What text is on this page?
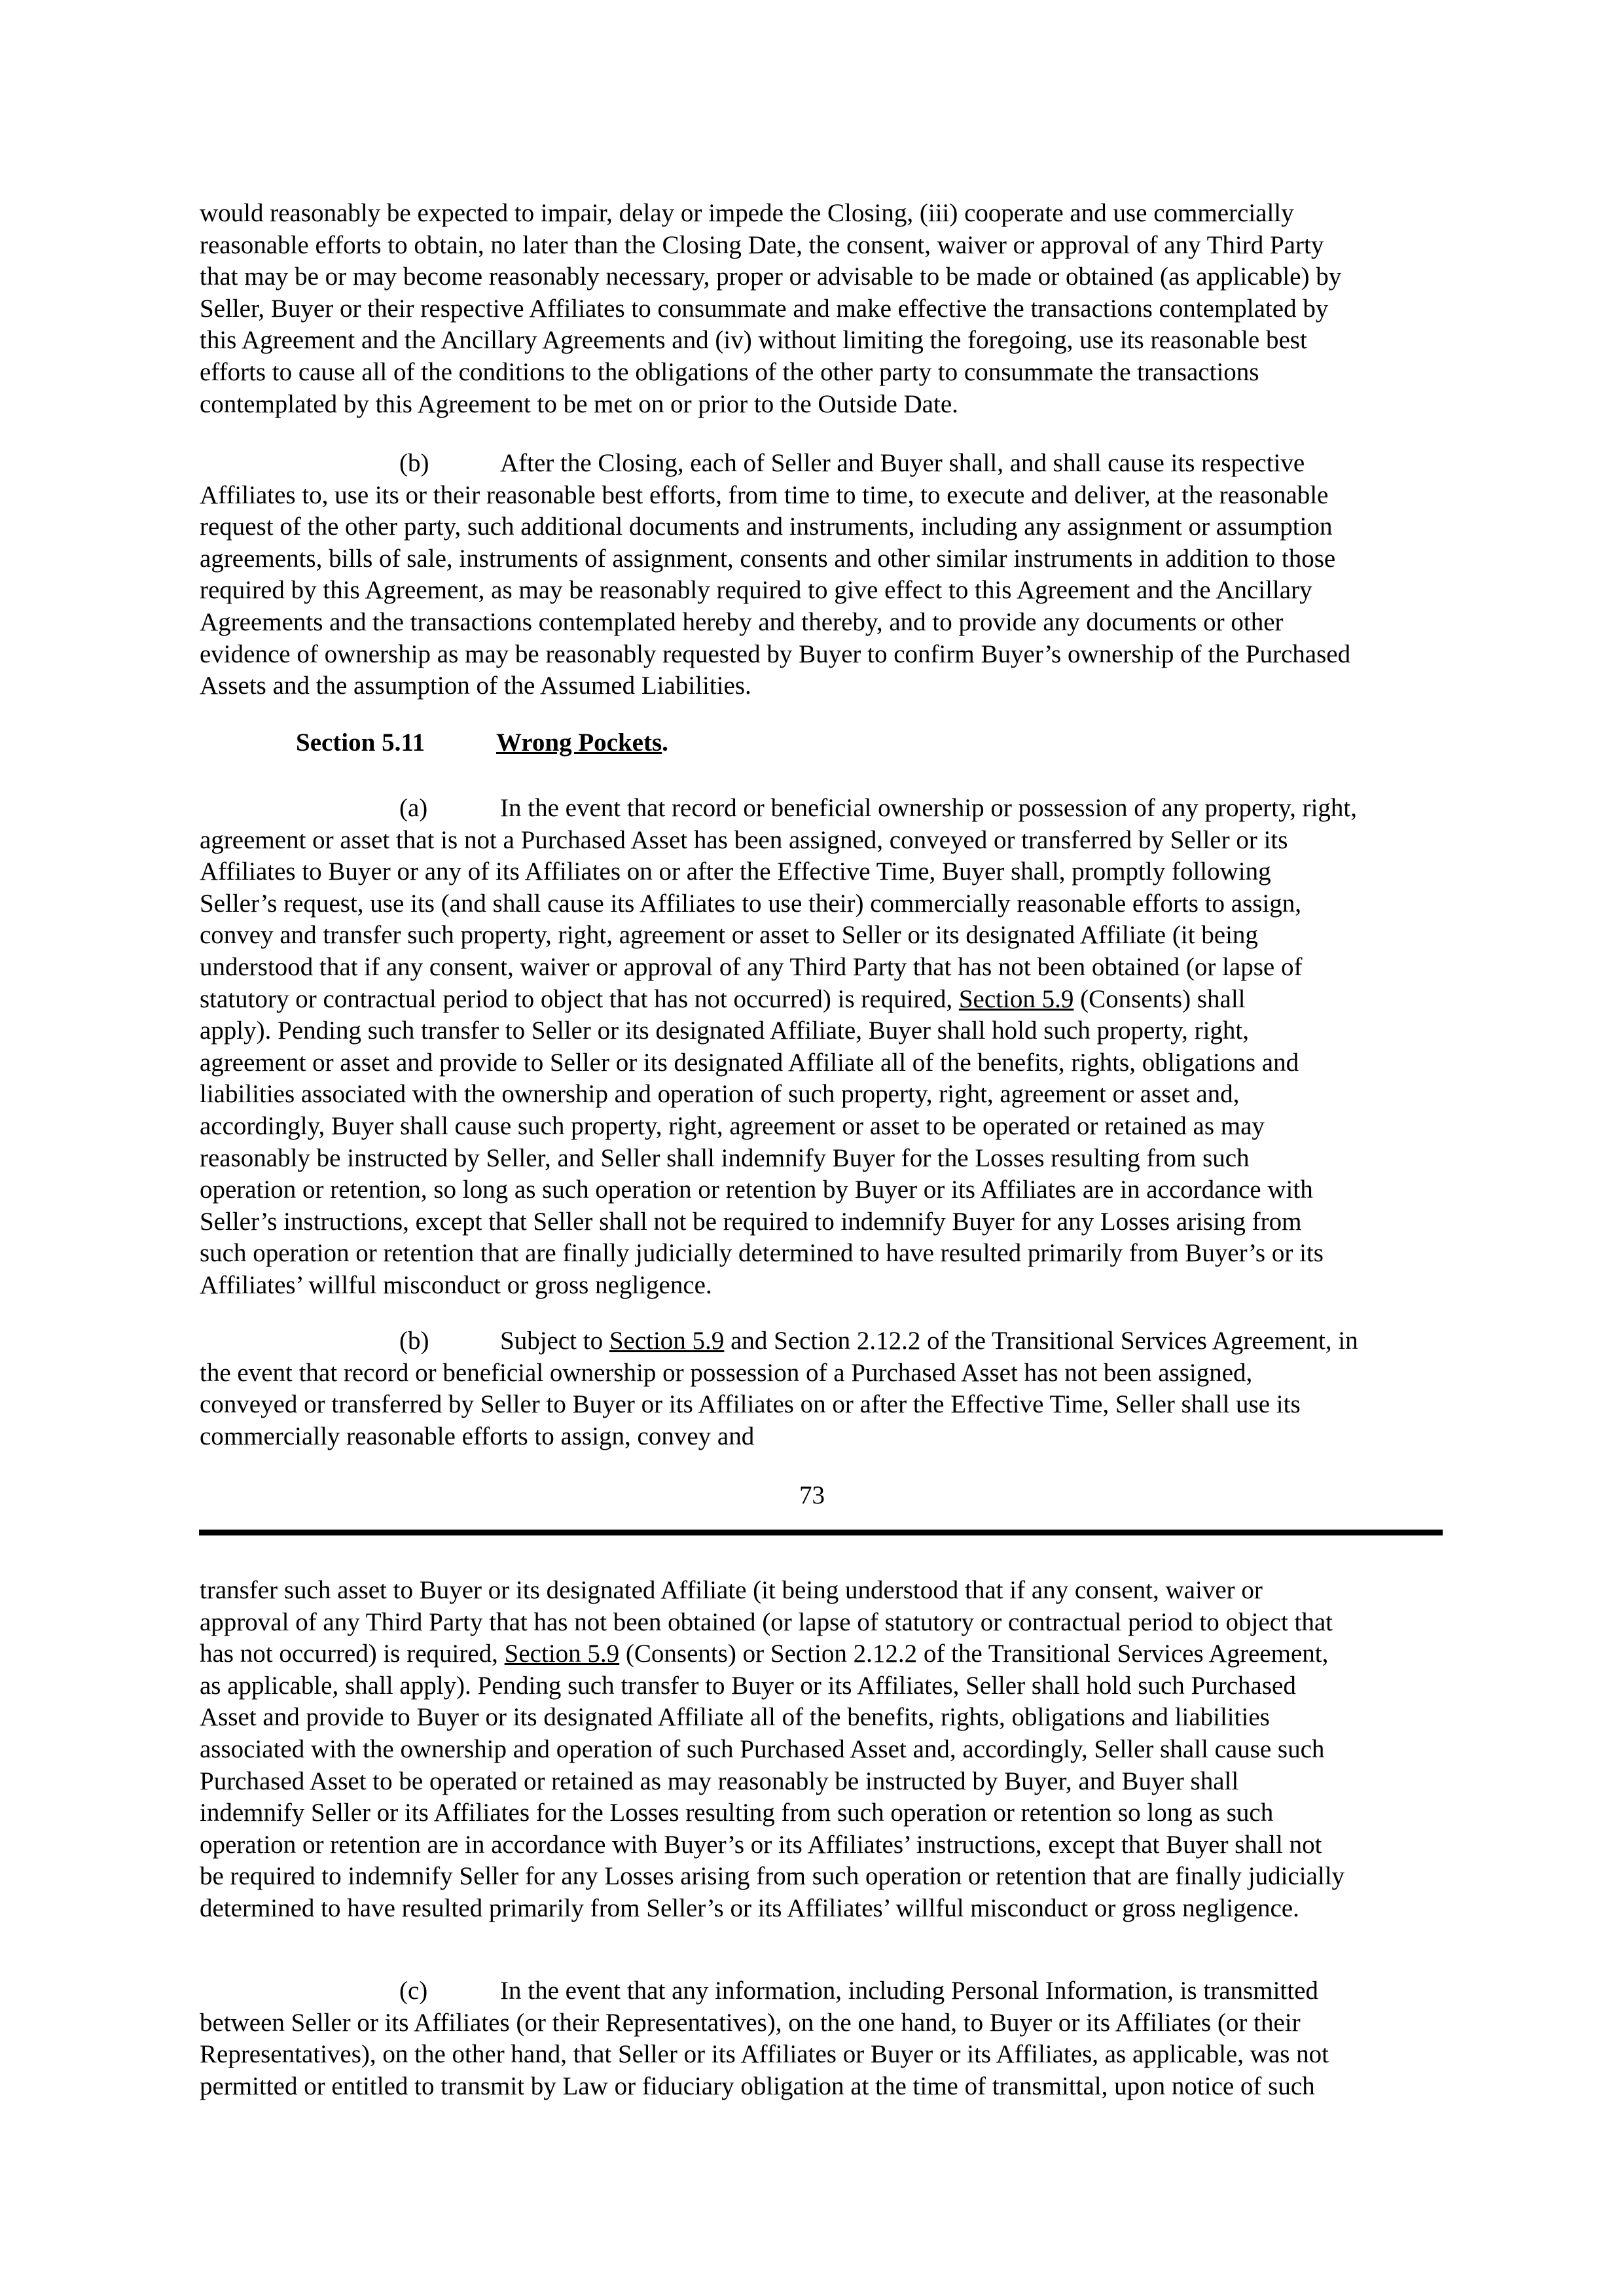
would reasonably be expected to impair, delay or impede the Closing, (iii) cooperate and use commercially
reasonable efforts to obtain, no later than the Closing Date, the consent, waiver or approval of any Third Party
that may be or may become reasonably necessary, proper or advisable to be made or obtained (as applicable) by
Seller, Buyer or their respective Affiliates to consummate and make effective the transactions contemplated by
this Agreement and the Ancillary Agreements and (iv) without limiting the foregoing, use its reasonable best
efforts to cause all of the conditions to the obligations of the other party to consummate the transactions
contemplated by this Agreement to be met on or prior to the Outside Date.
(b)	After the Closing, each of Seller and Buyer shall, and shall cause its respective
Affiliates to, use its or their reasonable best efforts, from time to time, to execute and deliver, at the reasonable
request of the other party, such additional documents and instruments, including any assignment or assumption
agreements, bills of sale, instruments of assignment, consents and other similar instruments in addition to those
required by this Agreement, as may be reasonably required to give effect to this Agreement and the Ancillary
Agreements and the transactions contemplated hereby and thereby, and to provide any documents or other
evidence of ownership as may be reasonably requested by Buyer to confirm Buyer’s ownership of the Purchased
Assets and the assumption of the Assumed Liabilities.
Section 5.11	Wrong Pockets.
(a)	In the event that record or beneficial ownership or possession of any property, right,
agreement or asset that is not a Purchased Asset has been assigned, conveyed or transferred by Seller or its
Affiliates to Buyer or any of its Affiliates on or after the Effective Time, Buyer shall, promptly following
Seller’s request, use its (and shall cause its Affiliates to use their) commercially reasonable efforts to assign,
convey and transfer such property, right, agreement or asset to Seller or its designated Affiliate (it being
understood that if any consent, waiver or approval of any Third Party that has not been obtained (or lapse of
statutory or contractual period to object that has not occurred) is required, Section 5.9 (Consents) shall
apply). Pending such transfer to Seller or its designated Affiliate, Buyer shall hold such property, right,
agreement or asset and provide to Seller or its designated Affiliate all of the benefits, rights, obligations and
liabilities associated with the ownership and operation of such property, right, agreement or asset and,
accordingly, Buyer shall cause such property, right, agreement or asset to be operated or retained as may
reasonably be instructed by Seller, and Seller shall indemnify Buyer for the Losses resulting from such
operation or retention, so long as such operation or retention by Buyer or its Affiliates are in accordance with
Seller’s instructions, except that Seller shall not be required to indemnify Buyer for any Losses arising from
such operation or retention that are finally judicially determined to have resulted primarily from Buyer’s or its
Affiliates’ willful misconduct or gross negligence.
(b)	Subject to Section 5.9 and Section 2.12.2 of the Transitional Services Agreement, in
the event that record or beneficial ownership or possession of a Purchased Asset has not been assigned,
conveyed or transferred by Seller to Buyer or its Affiliates on or after the Effective Time, Seller shall use its
commercially reasonable efforts to assign, convey and
73
transfer such asset to Buyer or its designated Affiliate (it being understood that if any consent, waiver or
approval of any Third Party that has not been obtained (or lapse of statutory or contractual period to object that
has not occurred) is required, Section 5.9 (Consents) or Section 2.12.2 of the Transitional Services Agreement,
as applicable, shall apply). Pending such transfer to Buyer or its Affiliates, Seller shall hold such Purchased
Asset and provide to Buyer or its designated Affiliate all of the benefits, rights, obligations and liabilities
associated with the ownership and operation of such Purchased Asset and, accordingly, Seller shall cause such
Purchased Asset to be operated or retained as may reasonably be instructed by Buyer, and Buyer shall
indemnify Seller or its Affiliates for the Losses resulting from such operation or retention so long as such
operation or retention are in accordance with Buyer’s or its Affiliates’ instructions, except that Buyer shall not
be required to indemnify Seller for any Losses arising from such operation or retention that are finally judicially
determined to have resulted primarily from Seller’s or its Affiliates’ willful misconduct or gross negligence.
(c)	In the event that any information, including Personal Information, is transmitted
between Seller or its Affiliates (or their Representatives), on the one hand, to Buyer or its Affiliates (or their
Representatives), on the other hand, that Seller or its Affiliates or Buyer or its Affiliates, as applicable, was not
permitted or entitled to transmit by Law or fiduciary obligation at the time of transmittal, upon notice of such
